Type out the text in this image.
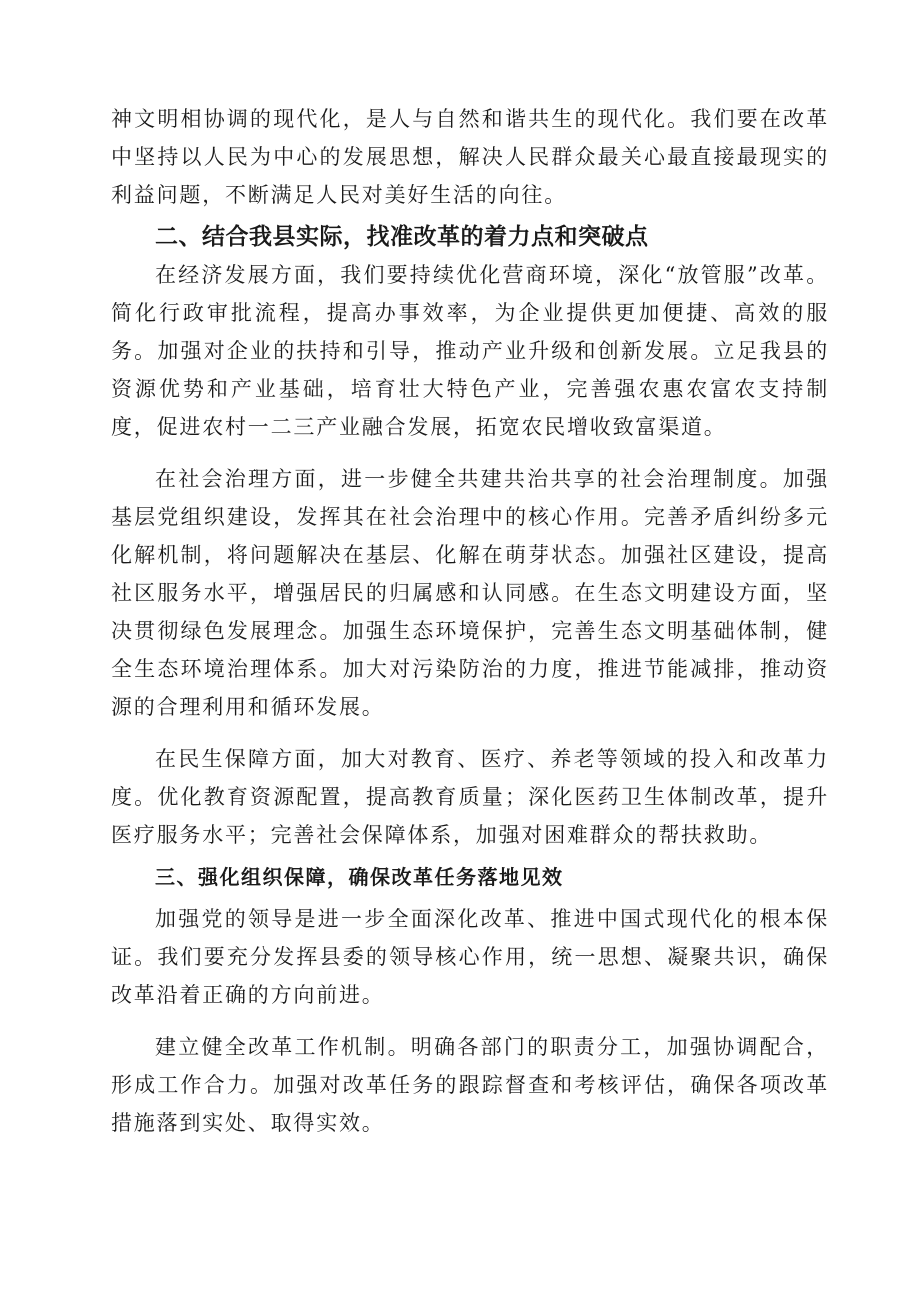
神文明相协调的现代化，是人与自然和谐共生的现代化。我们要在改革中坚持以人民为中心的发展思想，解决人民群众最关心最直接最现实的利益问题，不断满足人民对美好生活的向往。

二、结合我县实际，找准改革的着力点和突破点

在经济发展方面，我们要持续优化营商环境，深化“放管服”改革。简化行政审批流程，提高办事效率，为企业提供更加便捷、高效的服务。加强对企业的扶持和引导，推动产业升级和创新发展。立足我县的资源优势和产业基础，培育壮大特色产业，完善强农惠农富农支持制度，促进农村一二三产业融合发展，拓宽农民增收致富渠道。

在社会治理方面，进一步健全共建共治共享的社会治理制度。加强基层党组织建设，发挥其在社会治理中的核心作用。完善矛盾纠纷多元化解机制，将问题解决在基层、化解在萌芽状态。加强社区建设，提高社区服务水平，增强居民的归属感和认同感。在生态文明建设方面，坚决贯彻绿色发展理念。加强生态环境保护，完善生态文明基础体制，健全生态环境治理体系。加大对污染防治的力度，推进节能减排，推动资源的合理利用和循环发展。

在民生保障方面，加大对教育、医疗、养老等领域的投入和改革力度。优化教育资源配置，提高教育质量；深化医药卫生体制改革，提升医疗服务水平；完善社会保障体系，加强对困难群众的帮扶救助。

三、强化组织保障，确保改革任务落地见效

加强党的领导是进一步全面深化改革、推进中国式现代化的根本保证。我们要充分发挥县委的领导核心作用，统一思想、凝聚共识，确保改革沿着正确的方向前进。

建立健全改革工作机制。明确各部门的职责分工，加强协调配合，形成工作合力。加强对改革任务的跟踪督查和考核评估，确保各项改革措施落到实处、取得实效。
